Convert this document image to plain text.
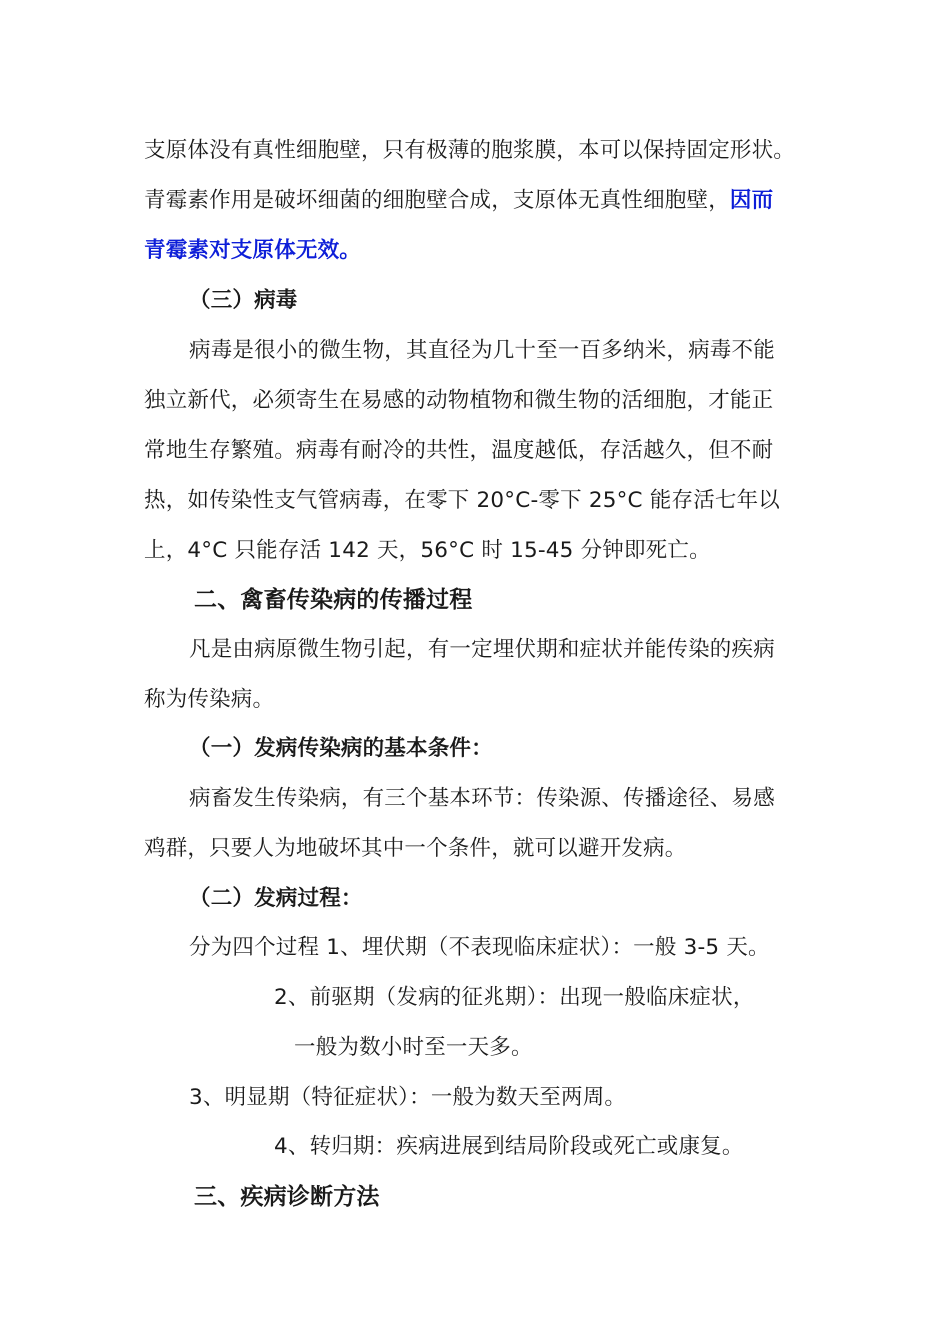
支原体没有真性细胞壁，只有极薄的胞浆膜，本可以保持固定形状。
青霉素作用是破坏细菌的细胞壁合成，支原体无真性细胞壁，因而
青霉素对支原体无效。
（三）病毒
病毒是很小的微生物，其直径为几十至一百多纳米，病毒不能
独立新代，必须寄生在易感的动物植物和微生物的活细胞，才能正
常地生存繁殖。病毒有耐冷的共性，温度越低，存活越久，但不耐
热，如传染性支气管病毒，在零下 20°C-零下 25°C 能存活七年以
上，4°C 只能存活 142 天，56°C 时 15-45 分钟即死亡。
二、禽畜传染病的传播过程
凡是由病原微生物引起，有一定埋伏期和症状并能传染的疾病
称为传染病。
（一）发病传染病的基本条件：
病畜发生传染病，有三个基本环节：传染源、传播途径、易感
鸡群，只要人为地破坏其中一个条件，就可以避开发病。
（二）发病过程：
分为四个过程 1、埋伏期（不表现临床症状）：一般 3-5 天。
2、前驱期（发病的征兆期）：出现一般临床症状，
一般为数小时至一天多。
3、明显期（特征症状）：一般为数天至两周。
4、转归期：疾病进展到结局阶段或死亡或康复。
三、疾病诊断方法
